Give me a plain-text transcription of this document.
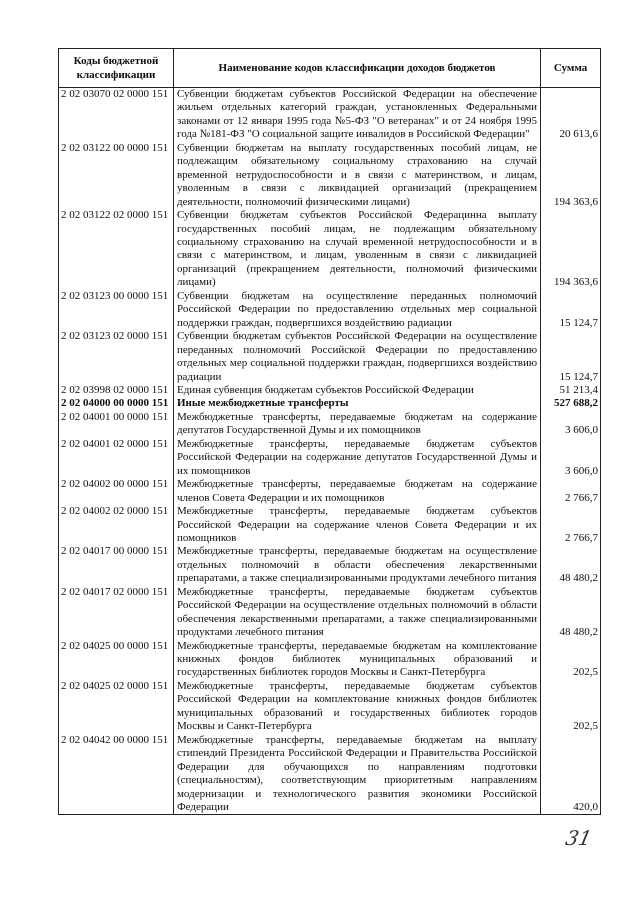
Коды бюджетной классификации	Наименование кодов классификации доходов бюджетов	Сумма
2 02 03070 02 0000 151	Субвенции бюджетам субъектов Российской Федерации на обеспечение жильем отдельных категорий граждан, установленных Федеральными законами от 12 января 1995 года №5-ФЗ "О ветеранах" и от 24 ноября 1995 года №181-ФЗ "О социальной защите инвалидов в Российской Федерации"	20 613,6
2 02 03122 00 0000 151	Субвенции бюджетам на выплату государственных пособий лицам, не подлежащим обязательному социальному страхованию на случай временной нетрудоспособности и в связи с материнством, и лицам, уволенным в связи с ликвидацией организаций (прекращением деятельности, полномочий физическими лицами)	194 363,6
2 02 03122 02 0000 151	Субвенции бюджетам субъектов Российской Федерацинна выплату государственных пособий лицам, не подлежащим обязательному социальному страхованию на случай временной нетрудоспособности и в связи с материнством, и лицам, уволенным в связи с ликвидацией организаций (прекращением деятельности, полномочий физическими лицами)	194 363,6
2 02 03123 00 0000 151	Субвенции бюджетам на осуществление переданных полномочий Российской Федерации по предоставлению отдельных мер социальной поддержки граждан, подвергшихся воздействию радиации	15 124,7
2 02 03123 02 0000 151	Субвенции бюджетам субъектов Российской Федерации на осуществление переданных полномочий Российской Федерации по предоставлению отдельных мер социальной поддержки граждан, подвергшихся воздействию радиации	15 124,7
2 02 03998 02 0000 151	Единая субвенция бюджетам субъектов Российской Федерации	51 213,4
2 02 04000 00 0000 151	Иные межбюджетные трансферты	527 688,2
2 02 04001 00 0000 151	Межбюджетные трансферты, передаваемые бюджетам на содержание депутатов Государственной Думы и их помощников	3 606,0
2 02 04001 02 0000 151	Межбюджетные трансферты, передаваемые бюджетам субъектов Российской Федерации на содержание депутатов Государственной Думы и их помощников	3 606,0
2 02 04002 00 0000 151	Межбюджетные трансферты, передаваемые бюджетам на содержание членов Совета Федерации и их помощников	2 766,7
2 02 04002 02 0000 151	Межбюджетные трансферты, передаваемые бюджетам субъектов Российской Федерации на содержание членов Совета Федерации и их помощников	2 766,7
2 02 04017 00 0000 151	Межбюджетные трансферты, передаваемые бюджетам на осуществление отдельных полномочий в области обеспечения лекарственными препаратами, а также специализированными продуктами лечебного питания	48 480,2
2 02 04017 02 0000 151	Межбюджетные трансферты, передаваемые бюджетам субъектов Российской Федерации на осуществление отдельных полномочий в области обеспечения лекарственными препаратами, а также специализированными продуктами лечебного питания	48 480,2
2 02 04025 00 0000 151	Межбюджетные трансферты, передаваемые бюджетам на комплектование книжных фондов библиотек муниципальных образований и государственных библиотек городов Москвы и Санкт-Петербурга	202,5
2 02 04025 02 0000 151	Межбюджетные трансферты, передаваемые бюджетам субъектов Российской Федерации на комплектование книжных фондов библиотек муниципальных образований и государственных библиотек городов Москвы и Санкт-Петербурга	202,5
2 02 04042 00 0000 151	Межбюджетные трансферты, передаваемые бюджетам на выплату стипендий Президента Российской Федерации и Правительства Российской Федерации для обучающихся по направлениям подготовки (специальностям), соответствующим приоритетным направлениям модернизации и технологического развития экономики Российской Федерации	420,0
31
